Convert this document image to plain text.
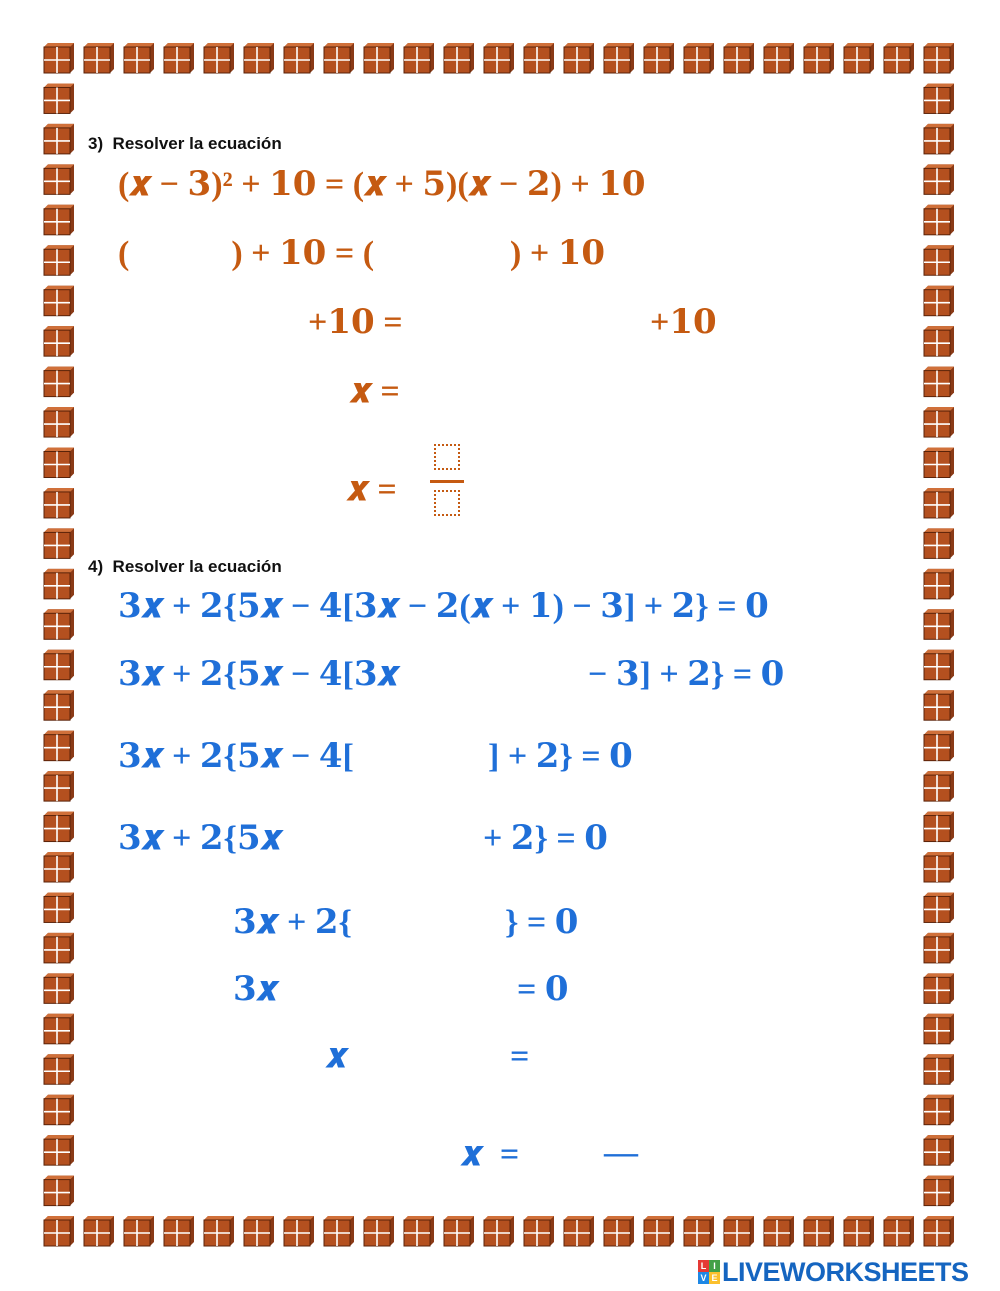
3)  Resolver la ecuación
(𝒙 − 𝟑)² + 𝟏𝟎 = (𝒙 + 𝟓)(𝒙 − 𝟐) + 𝟏𝟎
(            ) + 𝟏𝟎 = (                ) + 𝟏𝟎
+𝟏𝟎 =	+𝟏𝟎
𝒙 =
𝒙 =
4)  Resolver la ecuación
𝟑𝒙 + 𝟐{𝟓𝒙 − 𝟒[𝟑𝒙 − 𝟐(𝒙 + 𝟏) − 𝟑] + 𝟐} = 𝟎
𝟑𝒙 + 𝟐{𝟓𝒙 − 𝟒[𝟑𝒙	− 𝟑] + 𝟐} = 𝟎
𝟑𝒙 + 𝟐{𝟓𝒙 − 𝟒[	] + 𝟐} = 𝟎
𝟑𝒙 + 𝟐{𝟓𝒙	+ 𝟐} = 𝟎
𝟑𝒙 + 𝟐{	} = 𝟎
𝟑𝒙	= 𝟎
𝒙	=
𝒙  = —
L I
V E LIVEWORKSHEETS
